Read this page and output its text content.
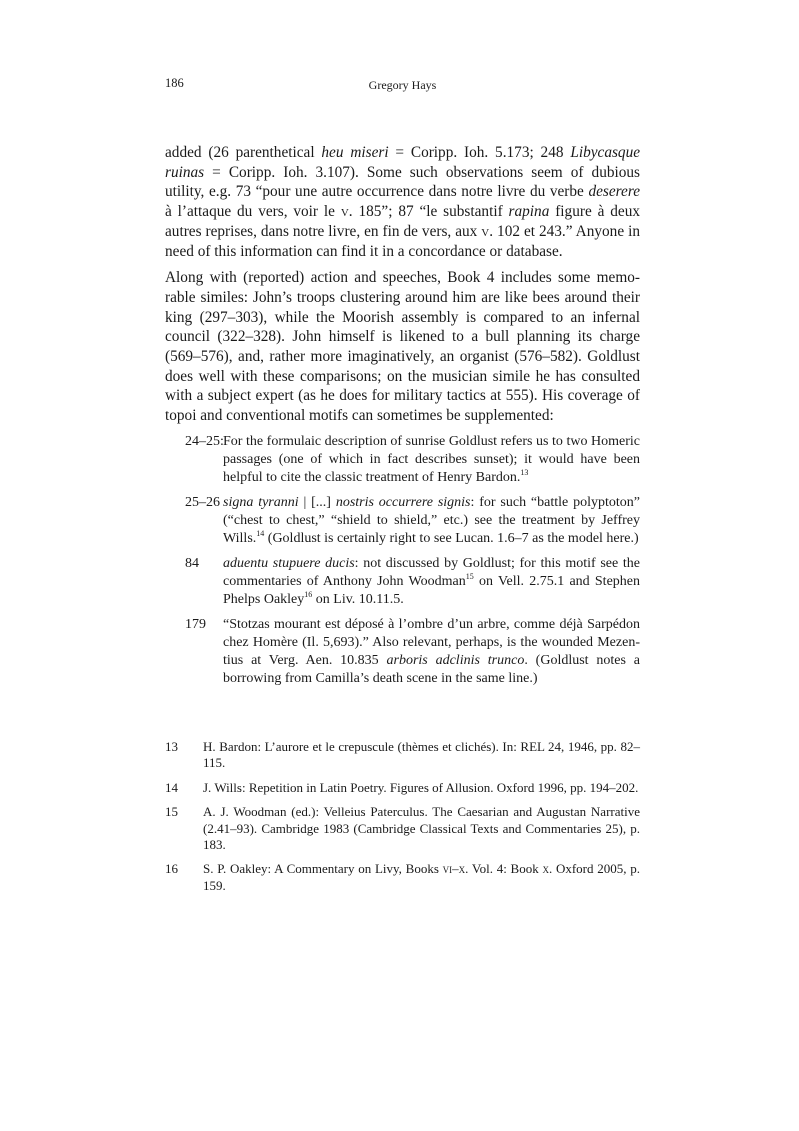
186	Gregory Hays

added (26 parenthetical heu miseri = Coripp. Ioh. 5.173; 248 Libycasque ruinas = Coripp. Ioh. 3.107). Some such observations seem of dubious utility, e.g. 73 “pour une autre occurrence dans notre livre du verbe deserere à l’attaque du vers, voir le v. 185”; 87 “le substantif rapina figure à deux autres reprises, dans notre livre, en fin de vers, aux v. 102 et 243.” Anyone in need of this information can find it in a concordance or database.

Along with (reported) action and speeches, Book 4 includes some memorable similes: John’s troops clustering around him are like bees around their king (297–303), while the Moorish assembly is compared to an infernal council (322–328). John himself is likened to a bull planning its charge (569–576), and, rather more imaginatively, an organist (576–582). Goldlust does well with these comparisons; on the musician simile he has consulted with a subject expert (as he does for military tactics at 555). His coverage of topoi and conventional motifs can sometimes be supplemented:

24–25: For the formulaic description of sunrise Goldlust refers us to two Homeric passages (one of which in fact describes sunset); it would have been helpful to cite the classic treatment of Henry Bardon.$^{13}$
25–26 signa tyranni | [...] nostris occurrere signis: for such “battle polyptoton” (“chest to chest,” “shield to shield,” etc.) see the treatment by Jeffrey Wills.$^{14}$ (Goldlust is certainly right to see Lucan. 1.6–7 as the model here.)
84 aduentu stupuere ducis: not discussed by Goldlust; for this motif see the commentaries of Anthony John Woodman$^{15}$ on Vell. 2.75.1 and Stephen Phelps Oakley$^{16}$ on Liv. 10.11.5.
179 “Stotzas mourant est déposé à l’ombre d’un arbre, comme déjà Sarpédon chez Homère (Il. 5,693).” Also relevant, perhaps, is the wounded Mezentius at Verg. Aen. 10.835 arboris adclinis trunco. (Goldlust notes a borrowing from Camilla’s death scene in the same line.)
13 H. Bardon: L’aurore et le crepuscule (thèmes et clichés). In: REL 24, 1946, pp. 82–115.
14 J. Wills: Repetition in Latin Poetry. Figures of Allusion. Oxford 1996, pp. 194–202.
15 A. J. Woodman (ed.): Velleius Paterculus. The Caesarian and Augustan Narrative (2.41–93). Cambridge 1983 (Cambridge Classical Texts and Commentaries 25), p. 183.
16 S. P. Oakley: A Commentary on Livy, Books vi–x. Vol. 4: Book x. Oxford 2005, p. 159.
